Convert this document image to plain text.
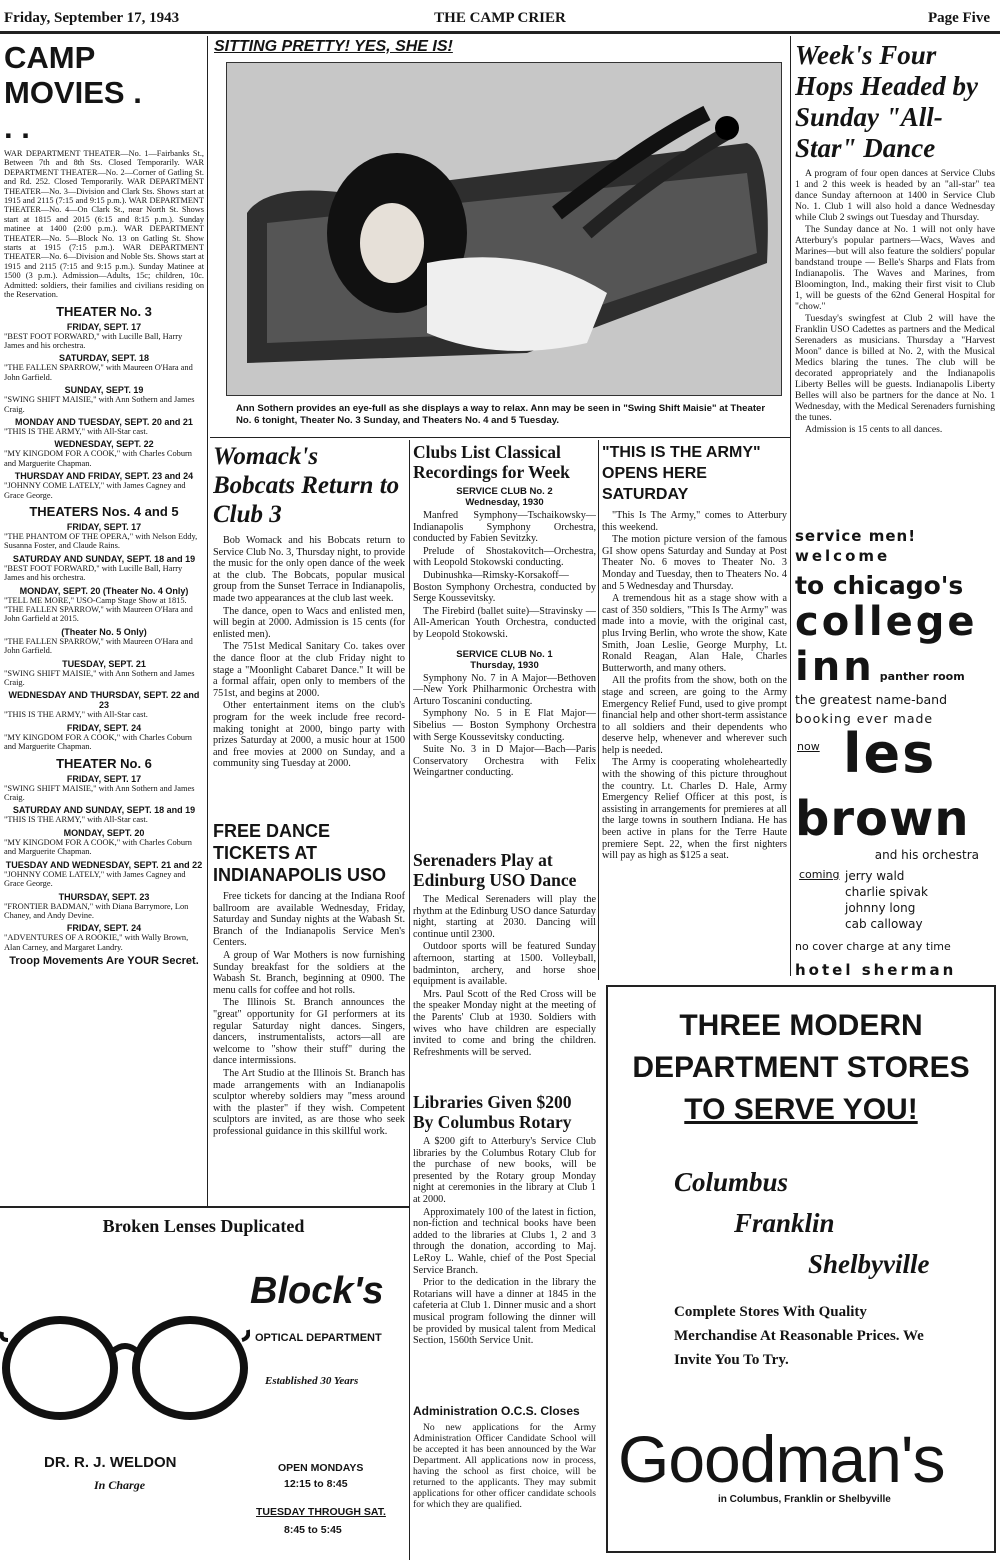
Friday, September 17, 1943	THE CAMP CRIER	Page Five
CAMP MOVIES . . .
WAR DEPARTMENT THEATER—No. 1—Fairbanks St., Between 7th and 8th Sts. Closed Temporarily. WAR DEPARTMENT THEATER—No. 2—Corner of Gatling St. and Rd. 252. Closed Temporarily. WAR DEPARTMENT THEATER—No. 3—Division and Clark Sts. Shows start at 1915 and 2115 (7:15 and 9:15 p.m.). WAR DEPARTMENT THEATER—No. 4—On Clark St., near North St. Shows start at 1815 and 2015 (6:15 and 8:15 p.m.). Sunday matinee at 1400 (2:00 p.m.). WAR DEPARTMENT THEATER—No. 5—Block No. 13 on Gatling St. Show starts at 1915 (7:15 p.m.). WAR DEPARTMENT THEATER—No. 6—Division and Noble Sts. Shows start at 1915 and 2115 (7:15 and 9:15 p.m.). Sunday Matinee at 1500 (3 p.m.). Admission—Adults, 15c; children, 10c. Admitted: soldiers, their families and civilians residing on the Reservation.
THEATER No. 3
FRIDAY, SEPT. 17
"BEST FOOT FORWARD," with Lucille Ball, Harry James and his orchestra.
SATURDAY, SEPT. 18
"THE FALLEN SPARROW," with Maureen O'Hara and John Garfield.
SUNDAY, SEPT. 19
"SWING SHIFT MAISIE," with Ann Sothern and James Craig.
MONDAY AND TUESDAY, SEPT. 20 and 21
"THIS IS THE ARMY," with All-Star cast.
WEDNESDAY, SEPT. 22
"MY KINGDOM FOR A COOK," with Charles Coburn and Marguerite Chapman.
THURSDAY AND FRIDAY, SEPT. 23 and 24
"JOHNNY COME LATELY," with James Cagney and Grace George.
THEATERS Nos. 4 and 5
FRIDAY, SEPT. 17
"THE PHANTOM OF THE OPERA," with Nelson Eddy, Susanna Foster, and Claude Rains.
SATURDAY AND SUNDAY, SEPT. 18 and 19
"BEST FOOT FORWARD," with Lucille Ball, Harry James and his orchestra.
MONDAY, SEPT. 20 (Theater No. 4 Only)
"TELL ME MORE," USO-Camp Stage Show at 1815. "THE FALLEN SPARROW," with Maureen O'Hara and John Garfield at 2015.
(Theater No. 5 Only)
"THE FALLEN SPARROW," with Maureen O'Hara and John Garfield.
TUESDAY, SEPT. 21
"SWING SHIFT MAISIE," with Ann Sothern and James Craig.
WEDNESDAY AND THURSDAY, SEPT. 22 and 23
"THIS IS THE ARMY," with All-Star cast.
FRIDAY, SEPT. 24
"MY KINGDOM FOR A COOK," with Charles Coburn and Marguerite Chapman.
THEATER No. 6
FRIDAY, SEPT. 17
"SWING SHIFT MAISIE," with Ann Sothern and James Craig.
SATURDAY AND SUNDAY, SEPT. 18 and 19
"THIS IS THE ARMY," with All-Star cast.
MONDAY, SEPT. 20
"MY KINGDOM FOR A COOK," with Charles Coburn and Marguerite Chapman.
TUESDAY AND WEDNESDAY, SEPT. 21 and 22
"JOHNNY COME LATELY," with James Cagney and Grace George.
THURSDAY, SEPT. 23
"FRONTIER BADMAN," with Diana Barrymore, Lon Chaney, and Andy Devine.
FRIDAY, SEPT. 24
"ADVENTURES OF A ROOKIE," with Wally Brown, Alan Carney, and Margaret Landry.
Troop Movements Are YOUR Secret.
SITTING PRETTY! YES, SHE IS!
Ann Sothern provides an eye-full as she displays a way to relax. Ann may be seen in "Swing Shift Maisie" at Theater No. 6 tonight, Theater No. 3 Sunday, and Theaters No. 4 and 5 Tuesday.
Week's Four Hops Headed by Sunday "All-Star" Dance

A program of four open dances at Service Clubs 1 and 2 this week is headed by an "all-star" tea dance Sunday afternoon at 1400 in Service Club No. 1. Club 1 will also hold a dance Wednesday while Club 2 swings out Tuesday and Thursday.

The Sunday dance at No. 1 will not only have Atterbury's popular partners—Wacs, Waves and Marines—but will also feature the soldiers' popular bandstand troupe — Belle's Sharps and Flats from Indianapolis. The Waves and Marines, from Bloomington, Ind., making their first visit to Club 1, will be guests of the 62nd General Hospital for "chow."

Tuesday's swingfest at Club 2 will have the Franklin USO Cadettes as partners and the Medical Serenaders as musicians. Thursday a "Harvest Moon" dance is billed at No. 2, with the Musical Medics blaring the tunes. The club will be decorated appropriately and the Indianapolis Liberty Belles will be guests. Indianapolis Liberty Belles will also be partners for the dance at No. 1 Wednesday, with the Medical Serenaders furnishing the tunes.

Admission is 15 cents to all dances.

service men!
welcome
to chicago's
college
inn panther room
the greatest name-band
booking ever made
now les
brown
and his orchestra
coming jerry wald
charlie spivak
johnny long
cab calloway
no cover charge at any time
hotel sherman
Womack's Bobcats Return to Club 3

Bob Womack and his Bobcats return to Service Club No. 3, Thursday night, to provide the music for the only open dance of the week at the club. The Bobcats, popular musical group from the Sunset Terrace in Indianapolis, made two appearances at the club last week.

The dance, open to Wacs and enlisted men, will begin at 2000. Admission is 15 cents (for enlisted men).

The 751st Medical Sanitary Co. takes over the dance floor at the club Friday night to stage a "Moonlight Cabaret Dance." It will be a formal affair, open only to members of the 751st, and begins at 2000.

Other entertainment items on the club's program for the week include free record-making tonight at 2000, bingo party with prizes Saturday at 2000, a music hour at 1500 and free movies at 2000 on Sunday, and a community sing Tuesday at 2000.

FREE DANCE TICKETS AT INDIANAPOLIS USO

Free tickets for dancing at the Indiana Roof ballroom are available Wednesday, Friday, Saturday and Sunday nights at the Wabash St. Branch of the Indianapolis Service Men's Centers.

A group of War Mothers is now furnishing Sunday breakfast for the soldiers at the Wabash St. Branch, beginning at 0900. The menu calls for coffee and hot rolls.

The Illinois St. Branch announces the "great" opportunity for GI performers at its regular Saturday night dances. Singers, dancers, instrumentalists, actors—all are welcome to "show their stuff" during the dance intermissions.

The Art Studio at the Illinois St. Branch has made arrangements with an Indianapolis sculptor whereby soldiers may "mess around with the plaster" if they wish. Competent sculptors are invited, as are those who seek professional guidance in this skillful work.

Clubs List Classical Recordings for Week
SERVICE CLUB No. 2
Wednesday, 1930

Manfred Symphony—Tschaikowsky—Indianapolis Symphony Orchestra, conducted by Fabien Sevitzky.

Prelude of Shostakovitch—Orchestra, with Leopold Stokowski conducting.

Dubinushka—Rimsky-Korsakoff—Boston Symphony Orchestra, conducted by Serge Koussevitsky.

The Firebird (ballet suite)—Stravinsky — All-American Youth Orchestra, conducted by Leopold Stokowski.

SERVICE CLUB No. 1
Thursday, 1930

Symphony No. 7 in A Major—Bethoven—New York Philharmonic Orchestra with Arturo Toscanini conducting.

Symphony No. 5 in E Flat Major—Sibelius — Boston Symphony Orchestra with Serge Koussevitsky conducting.

Suite No. 3 in D Major—Bach—Paris Conservatory Orchestra with Felix Weingartner conducting.

Serenaders Play at Edinburg USO Dance

The Medical Serenaders will play the rhythm at the Edinburg USO dance Saturday night, starting at 2030. Dancing will continue until 2300.

Outdoor sports will be featured Sunday afternoon, starting at 1500. Volleyball, badminton, archery, and horse shoe equipment is available.

Mrs. Paul Scott of the Red Cross will be the speaker Monday night at the meeting of the Parents' Club at 1930. Soldiers with wives who have children are especially invited to come and bring the children. Refreshments will be served.

Libraries Given $200 By Columbus Rotary

A $200 gift to Atterbury's Service Club libraries by the Columbus Rotary Club for the purchase of new books, will be presented by the Rotary group Monday night at ceremonies in the library at Club 1 at 2000.

Approximately 100 of the latest in fiction, non-fiction and technical books have been added to the libraries at Clubs 1, 2 and 3 through the donation, according to Maj. LeRoy L. Wahle, chief of the Post Special Service Branch.

Prior to the dedication in the library the Rotarians will have a dinner at 1845 in the cafeteria at Club 1. Dinner music and a short musical program following the dinner will be provided by musical talent from Medical Section, 1560th Service Unit.

Administration O.C.S. Closes

No new applications for the Army Administration Officer Candidate School will be accepted it has been announced by the War Department. All applications now in process, having the school as first choice, will be returned to the applicants. They may submit applications for other officer candidate schools for which they are qualified.

"THIS IS THE ARMY" OPENS HERE SATURDAY

"This Is The Army," comes to Atterbury this weekend.

The motion picture version of the famous GI show opens Saturday and Sunday at Post Theater No. 6 moves to Theater No. 3 Monday and Tuesday, then to Theaters No. 4 and 5 Wednesday and Thursday.

A tremendous hit as a stage show with a cast of 350 soldiers, "This Is The Army" was made into a movie, with the original cast, plus Irving Berlin, who wrote the show, Kate Smith, Joan Leslie, George Murphy, Lt. Ronald Reagan, Alan Hale, Charles Butterworth, and many others.

All the profits from the show, both on the stage and screen, are going to the Army Emergency Relief Fund, used to give prompt financial help and other short-term assistance to all soldiers and their dependents who deserve help, whenever and wherever such help is needed.

The Army is cooperating wholeheartedly with the showing of this picture throughout the country. Lt. Charles D. Hale, Army Emergency Relief Officer at this post, is assisting in arrangements for premieres at all the large towns in southern Indiana. He has been active in plans for the Terre Haute premiere Sept. 22, when the first nighters will pay as high as $125 a seat.

THREE MODERN
DEPARTMENT STORES
TO SERVE YOU!
Columbus
Franklin
Shelbyville
Complete Stores With Quality Merchandise At Reasonable Prices. We Invite You To Try.
Goodman's
in Columbus, Franklin or Shelbyville
Broken Lenses Duplicated
Block's
OPTICAL DEPARTMENT
Established 30 Years
DR. R. J. WELDON
In Charge
OPEN MONDAYS
12:15 to 8:45
TUESDAY THROUGH SAT.
8:45 to 5:45
